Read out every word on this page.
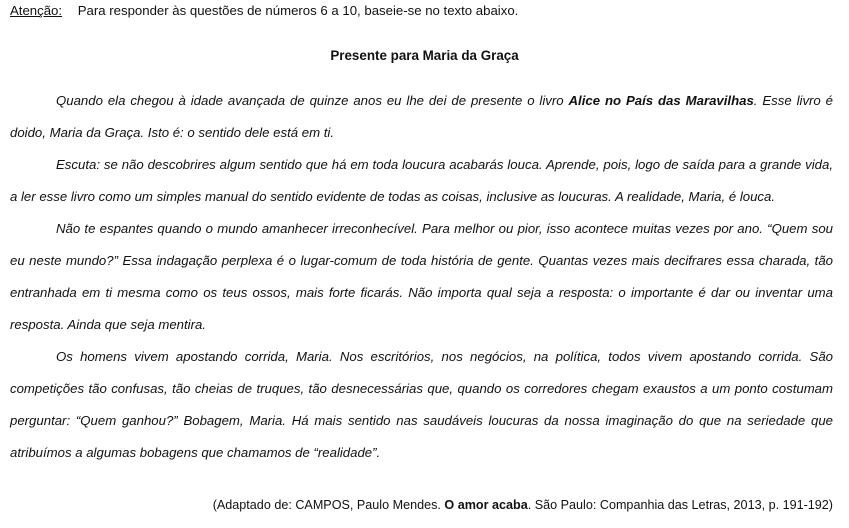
Atenção: Para responder às questões de números 6 a 10, baseie-se no texto abaixo.
Presente para Maria da Graça

Quando ela chegou à idade avançada de quinze anos eu lhe dei de presente o livro Alice no País das Maravilhas. Esse livro é doido, Maria da Graça. Isto é: o sentido dele está em ti.

Escuta: se não descobrires algum sentido que há em toda loucura acabarás louca. Aprende, pois, logo de saída para a grande vida, a ler esse livro como um simples manual do sentido evidente de todas as coisas, inclusive as loucuras. A realidade, Maria, é louca.

Não te espantes quando o mundo amanhecer irreconhecível. Para melhor ou pior, isso acontece muitas vezes por ano. “Quem sou eu neste mundo?” Essa indagação perplexa é o lugar-comum de toda história de gente. Quantas vezes mais decifrares essa charada, tão entranhada em ti mesma como os teus ossos, mais forte ficarás. Não importa qual seja a resposta: o importante é dar ou inventar uma resposta. Ainda que seja mentira.

Os homens vivem apostando corrida, Maria. Nos escritórios, nos negócios, na política, todos vivem apostando corrida. São competições tão confusas, tão cheias de truques, tão desnecessárias que, quando os corredores chegam exaustos a um ponto costumam perguntar: “Quem ganhou?” Bobagem, Maria. Há mais sentido nas saudáveis loucuras da nossa imaginação do que na seriedade que atribuímos a algumas bobagens que chamamos de “realidade”.

(Adaptado de: CAMPOS, Paulo Mendes. O amor acaba. São Paulo: Companhia das Letras, 2013, p. 191-192)
